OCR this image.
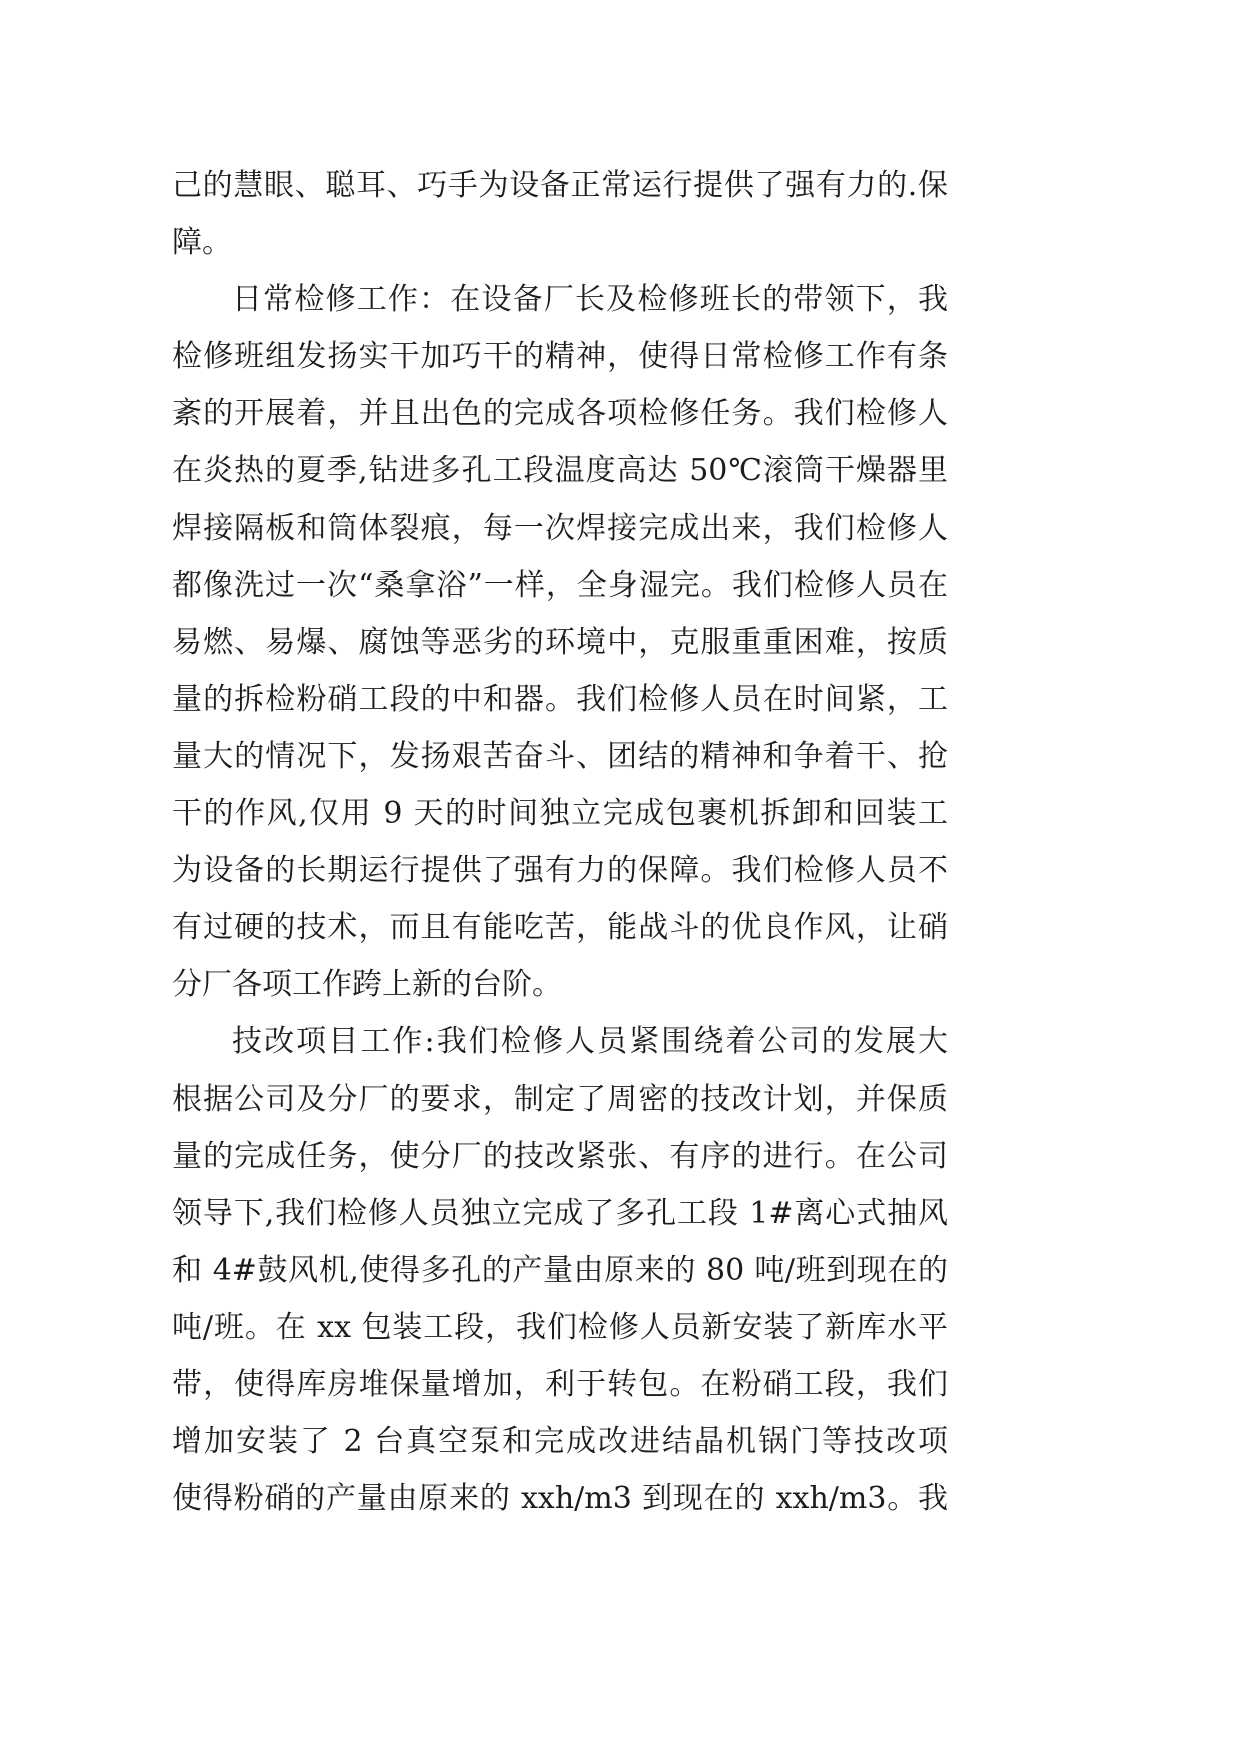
己的慧眼、聪耳、巧手为设备正常运行提供了强有力的.保
障。
日常检修工作：在设备厂长及检修班长的带领下，我
检修班组发扬实干加巧干的精神，使得日常检修工作有条
紊的开展着，并且出色的完成各项检修任务。我们检修人
在炎热的夏季,钻进多孔工段温度高达 50℃滚筒干燥器里
焊接隔板和筒体裂痕，每一次焊接完成出来，我们检修人
都像洗过一次“桑拿浴”一样，全身湿完。我们检修人员在
易燃、易爆、腐蚀等恶劣的环境中，克服重重困难，按质
量的拆检粉硝工段的中和器。我们检修人员在时间紧，工
量大的情况下，发扬艰苦奋斗、团结的精神和争着干、抢
干的作风,仅用 9 天的时间独立完成包裹机拆卸和回装工
为设备的长期运行提供了强有力的保障。我们检修人员不
有过硬的技术，而且有能吃苦，能战斗的优良作风，让硝
分厂各项工作跨上新的台阶。
技改项目工作:我们检修人员紧围绕着公司的发展大
根据公司及分厂的要求，制定了周密的技改计划，并保质
量的完成任务，使分厂的技改紧张、有序的进行。在公司
领导下,我们检修人员独立完成了多孔工段 1#离心式抽风
和 4#鼓风机,使得多孔的产量由原来的 80 吨/班到现在的
吨/班。在 xx 包装工段，我们检修人员新安装了新库水平
带，使得库房堆保量增加，利于转包。在粉硝工段，我们
增加安装了 2 台真空泵和完成改进结晶机锅门等技改项
使得粉硝的产量由原来的 xxh/m3 到现在的 xxh/m3。我
